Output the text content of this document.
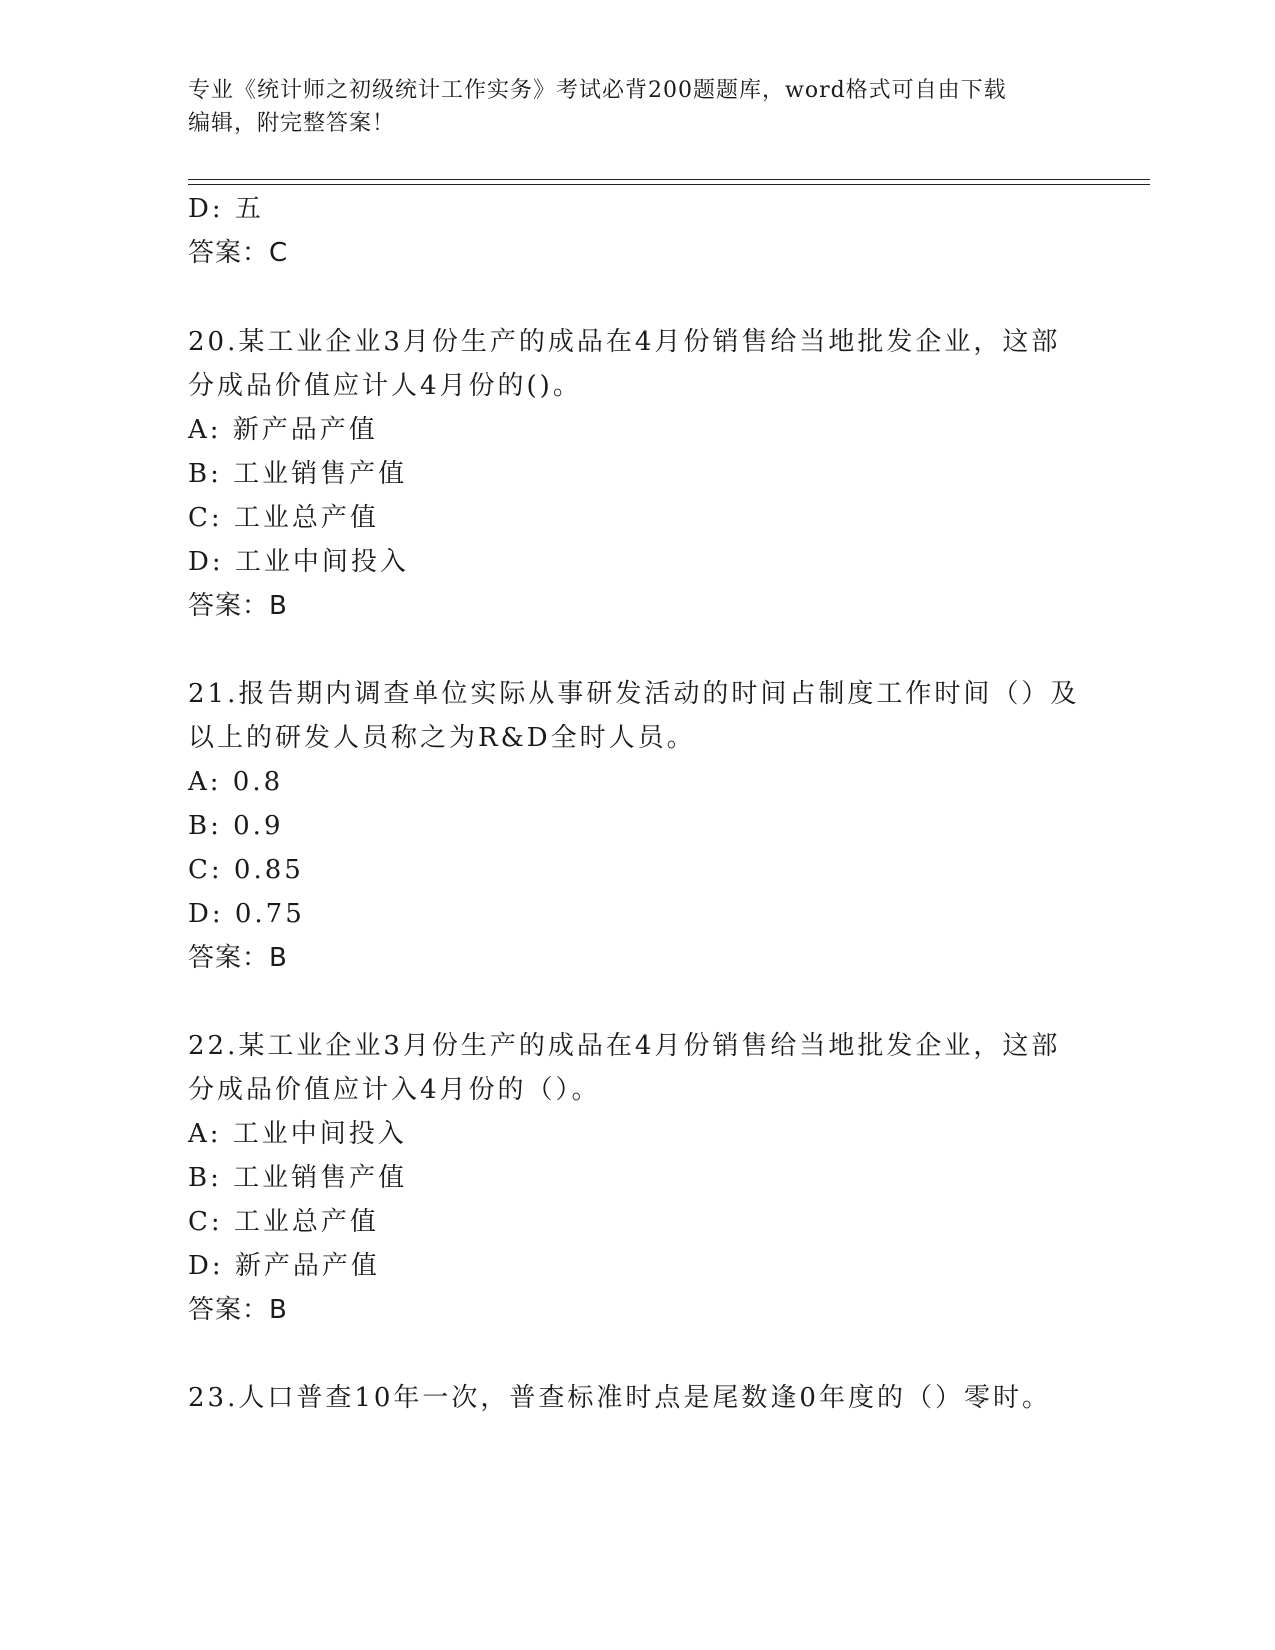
专业《统计师之初级统计工作实务》考试必背200题题库，word格式可自由下载
编辑，附完整答案！
D: 五
答案：C
20.某工业企业3月份生产的成品在4月份销售给当地批发企业，这部
分成品价值应计人4月份的()。
A: 新产品产值
B: 工业销售产值
C: 工业总产值
D: 工业中间投入
答案：B
21.报告期内调查单位实际从事研发活动的时间占制度工作时间（）及
以上的研发人员称之为R&D全时人员。
A: 0.8
B: 0.9
C: 0.85
D: 0.75
答案：B
22.某工业企业3月份生产的成品在4月份销售给当地批发企业，这部
分成品价值应计入4月份的（）。
A: 工业中间投入
B: 工业销售产值
C: 工业总产值
D: 新产品产值
答案：B
23.人口普查10年一次，普查标准时点是尾数逢0年度的（）零时。
